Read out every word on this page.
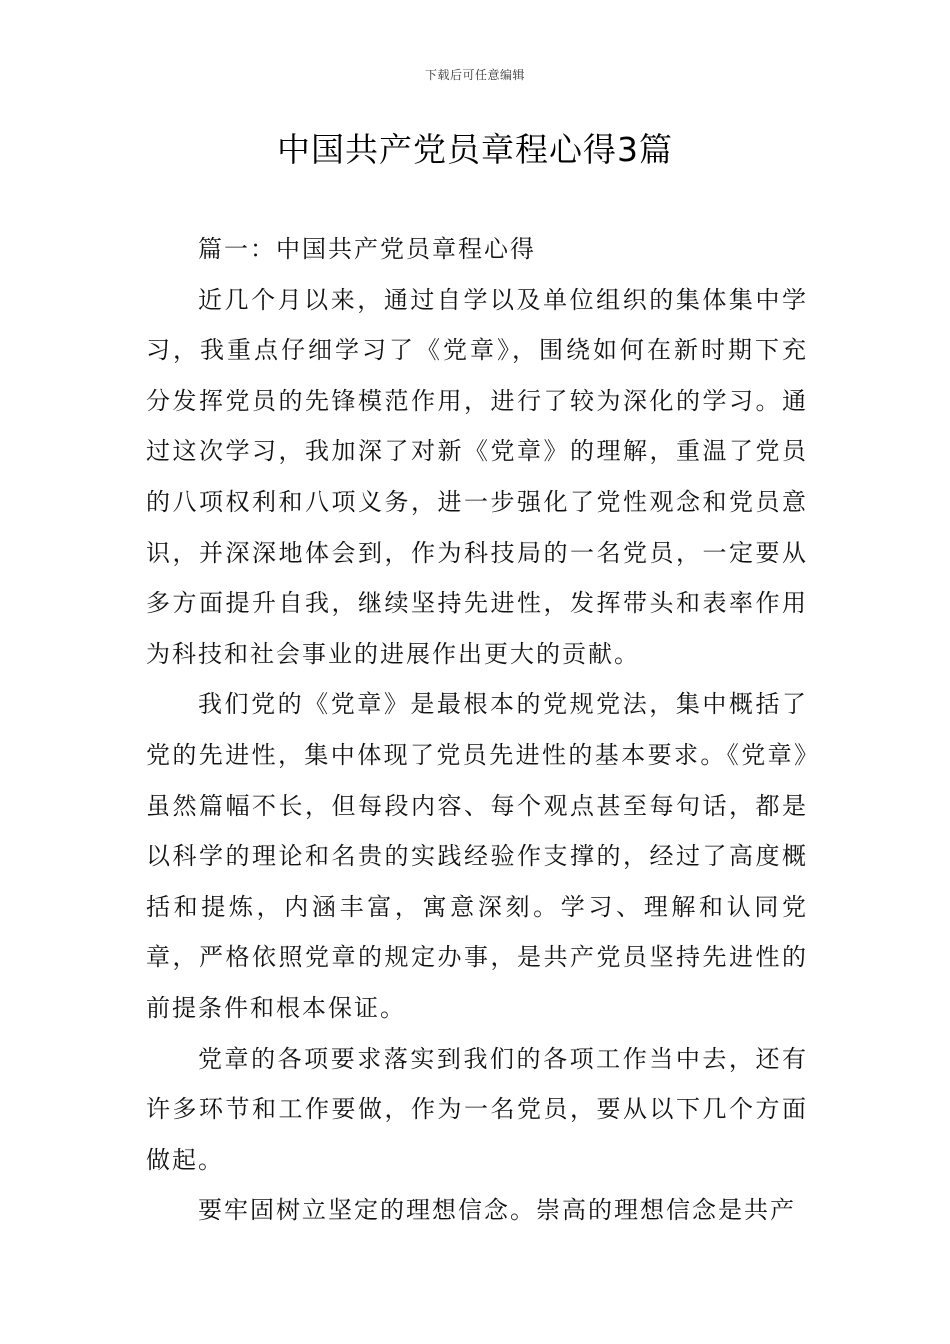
下载后可任意编辑
中国共产党员章程心得3篇

篇一：中国共产党员章程心得

近几个月以来，通过自学以及单位组织的集体集中学习，我重点仔细学习了《党章》，围绕如何在新时期下充分发挥党员的先锋模范作用，进行了较为深化的学习。通过这次学习，我加深了对新《党章》的理解，重温了党员的八项权利和八项义务，进一步强化了党性观念和党员意识，并深深地体会到，作为科技局的一名党员，一定要从多方面提升自我，继续坚持先进性，发挥带头和表率作用为科技和社会事业的进展作出更大的贡献。

我们党的《党章》是最根本的党规党法，集中概括了党的先进性，集中体现了党员先进性的基本要求。《党章》虽然篇幅不长，但每段内容、每个观点甚至每句话，都是以科学的理论和名贵的实践经验作支撑的，经过了高度概括和提炼，内涵丰富，寓意深刻。学习、理解和认同党章，严格依照党章的规定办事，是共产党员坚持先进性的前提条件和根本保证。

党章的各项要求落实到我们的各项工作当中去，还有许多环节和工作要做，作为一名党员，要从以下几个方面做起。

要牢固树立坚定的理想信念。崇高的理想信念是共产
